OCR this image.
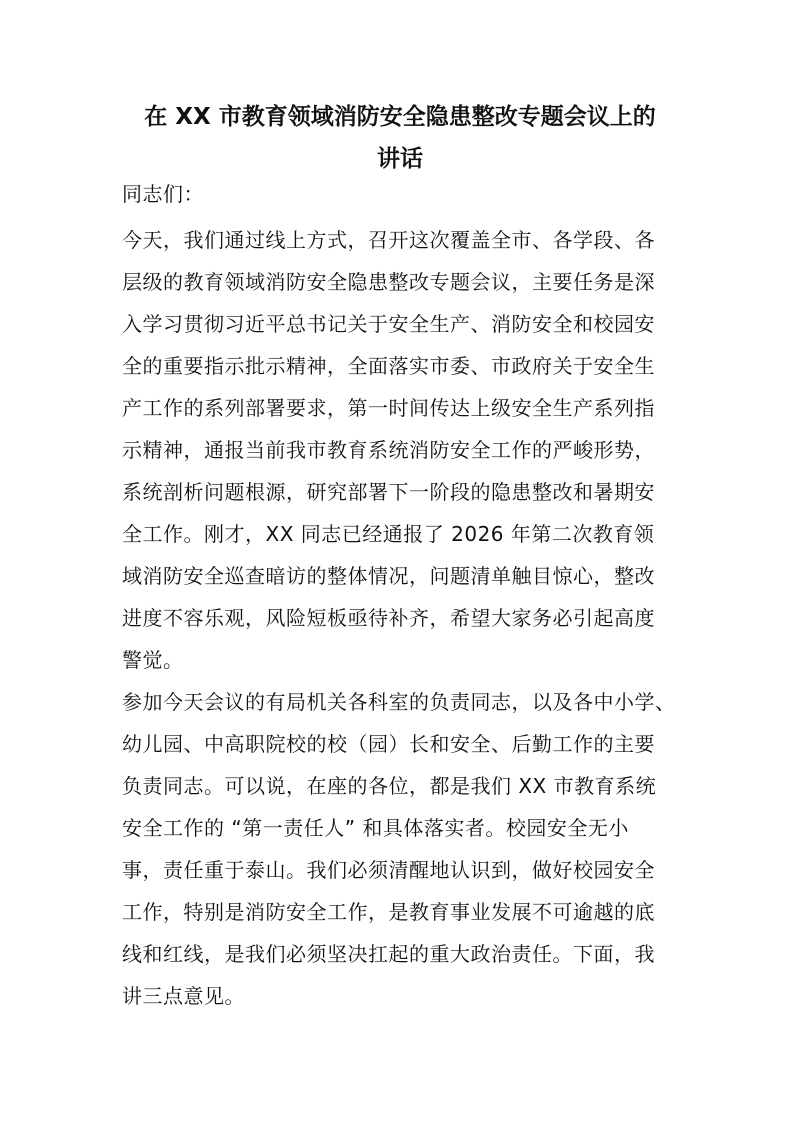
在 XX 市教育领域消防安全隐患整改专题会议上的
讲话
同志们：
今天，我们通过线上方式，召开这次覆盖全市、各学段、各
层级的教育领域消防安全隐患整改专题会议，主要任务是深
入学习贯彻习近平总书记关于安全生产、消防安全和校园安
全的重要指示批示精神，全面落实市委、市政府关于安全生
产工作的系列部署要求，第一时间传达上级安全生产系列指
示精神，通报当前我市教育系统消防安全工作的严峻形势，
系统剖析问题根源，研究部署下一阶段的隐患整改和暑期安
全工作。刚才，XX 同志已经通报了 2026 年第二次教育领
域消防安全巡查暗访的整体情况，问题清单触目惊心，整改
进度不容乐观，风险短板亟待补齐，希望大家务必引起高度
警觉。
参加今天会议的有局机关各科室的负责同志，以及各中小学、
幼儿园、中高职院校的校（园）长和安全、后勤工作的主要
负责同志。可以说，在座的各位，都是我们 XX 市教育系统
安全工作的 “第一责任人” 和具体落实者。校园安全无小
事，责任重于泰山。我们必须清醒地认识到，做好校园安全
工作，特别是消防安全工作，是教育事业发展不可逾越的底
线和红线，是我们必须坚决扛起的重大政治责任。下面，我
讲三点意见。
